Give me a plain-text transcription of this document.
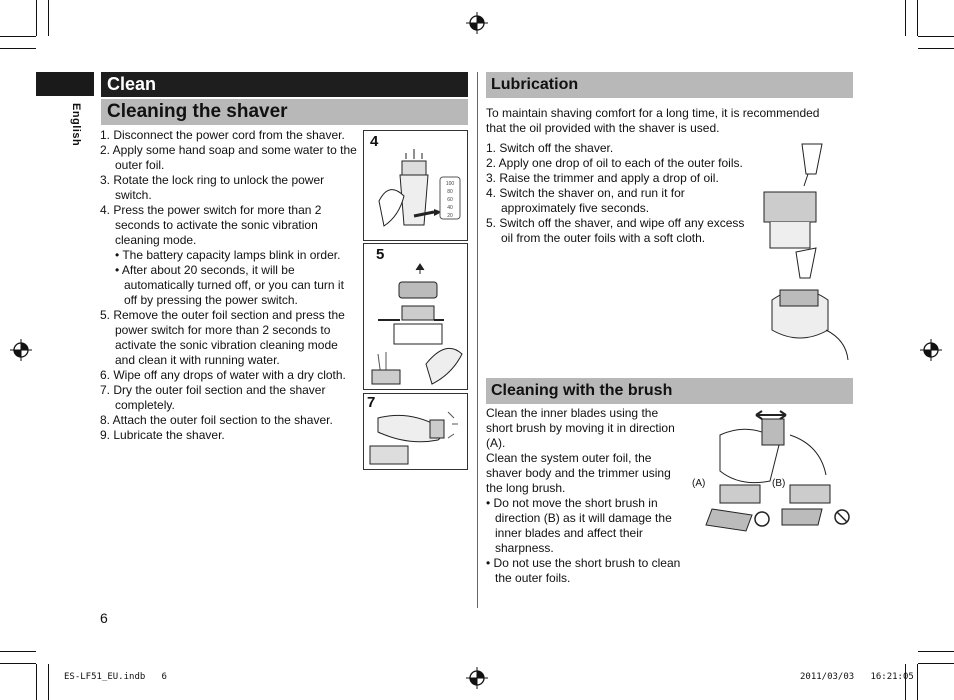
English
Clean
Cleaning the shaver

1. Disconnect the power cord from the shaver.

2. Apply some hand soap and some water to the outer foil.

3. Rotate the lock ring to unlock the power switch.

4. Press the power switch for more than 2 seconds to activate the sonic vibration cleaning mode.

• The battery capacity lamps blink in order.

• After about 20 seconds, it will be automatically turned off, or you can turn it off by pressing the power switch.

5. Remove the outer foil section and press the power switch for more than 2 seconds to activate the sonic vibration cleaning mode and clean it with running water.

6. Wipe off any drops of water with a dry cloth.

7. Dry the outer foil section and the shaver completely.

8. Attach the outer foil section to the shaver.

9. Lubricate the shaver.

4
100
80
60
40
20
5
7
Lubrication

To maintain shaving comfort for a long time, it is recommended that the oil provided with the shaver is used.

1. Switch off the shaver.

2. Apply one drop of oil to each of the outer foils.

3. Raise the trimmer and apply a drop of oil.

4. Switch the shaver on, and run it for approximately five seconds.

5. Switch off the shaver, and wipe off any excess oil from the outer foils with a soft cloth.

Cleaning with the brush

Clean the inner blades using the short brush by moving it in direction (A).

Clean the system outer foil, the shaver body and the trimmer using the long brush.

• Do not move the short brush in direction (B) as it will damage the inner blades and affect their sharpness.

• Do not use the short brush to clean the outer foils.

(A)	(B)
6
ES-LF51_EU.indb   6	2011/03/03   16:21:05
